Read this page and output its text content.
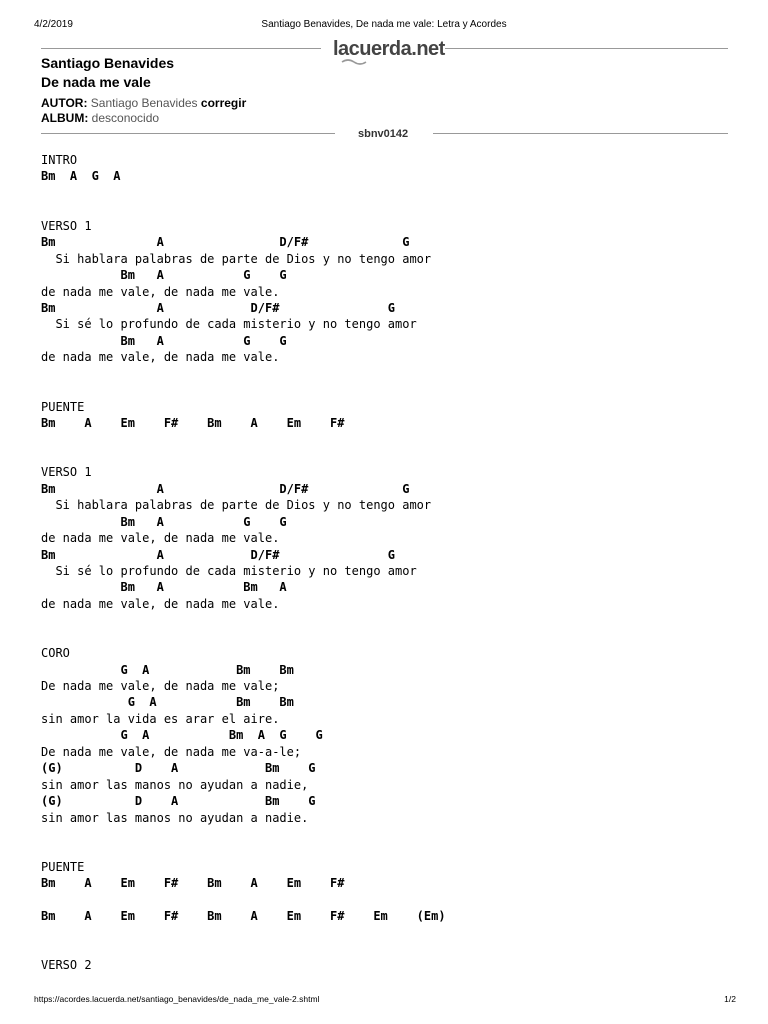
4/2/2019	Santiago Benavides, De nada me vale: Letra y Acordes
lacuerda.net
Santiago Benavides
De nada me vale
AUTOR: Santiago Benavides corregir
ALBUM: desconocido
sbnv0142
INTRO
Bm  A  G  A
VERSO 1
Bm              A                D/F#             G
Si hablara palabras de parte de Dios y no tengo amor
Bm   A           G    G
de nada me vale, de nada me vale.
Bm              A            D/F#               G
Si sé lo profundo de cada misterio y no tengo amor
Bm   A           G    G
de nada me vale, de nada me vale.
PUENTE
Bm    A    Em    F#    Bm    A    Em    F#
VERSO 1
Bm              A                D/F#             G
Si hablara palabras de parte de Dios y no tengo amor
Bm   A           G    G
de nada me vale, de nada me vale.
Bm              A            D/F#               G
Si sé lo profundo de cada misterio y no tengo amor
Bm   A           Bm   A
de nada me vale, de nada me vale.
CORO
G  A            Bm    Bm
De nada me vale, de nada me vale;
G  A           Bm    Bm
sin amor la vida es arar el aire.
G  A           Bm  A  G    G
De nada me vale, de nada me va-a-le;
(G)          D    A            Bm    G
sin amor las manos no ayudan a nadie,
(G)          D    A            Bm    G
sin amor las manos no ayudan a nadie.
PUENTE
Bm    A    Em    F#    Bm    A    Em    F#
Bm    A    Em    F#    Bm    A    Em    F#    Em    (Em)
VERSO 2
https://acordes.lacuerda.net/santiago_benavides/de_nada_me_vale-2.shtml	1/2
